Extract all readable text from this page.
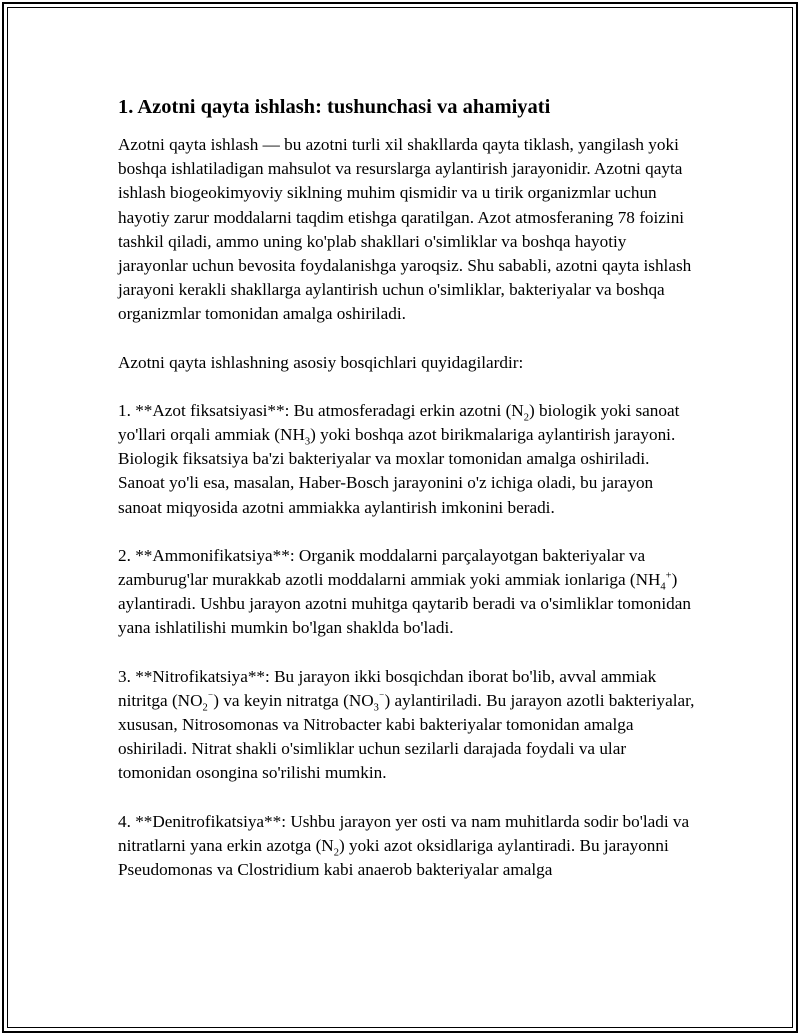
1. Azotni qayta ishlash: tushunchasi va ahamiyati

Azotni qayta ishlash — bu azotni turli xil shakllarda qayta tiklash, yangilash yoki boshqa ishlatiladigan mahsulot va resurslarga aylantirish jarayonidir. Azotni qayta ishlash biogeokimyoviy siklning muhim qismidir va u tirik organizmlar uchun hayotiy zarur moddalarni taqdim etishga qaratilgan. Azot atmosferaning 78 foizini tashkil qiladi, ammo uning ko'plab shakllari o'simliklar va boshqa hayotiy jarayonlar uchun bevosita foydalanishga yaroqsiz. Shu sababli, azotni qayta ishlash jarayoni kerakli shakllarga aylantirish uchun o'simliklar, bakteriyalar va boshqa organizmlar tomonidan amalga oshiriladi.

Azotni qayta ishlashning asosiy bosqichlari quyidagilardir:

1. **Azot fiksatsiyasi**: Bu atmosferadagi erkin azotni $(N_2)$ biologik yoki sanoat yo'llari orqali ammiak $(NH_3)$ yoki boshqa azot birikmalariga aylantirish jarayoni. Biologik fiksatsiya ba'zi bakteriyalar va moxlar tomonidan amalga oshiriladi. Sanoat yo'li esa, masalan, Haber-Bosch jarayonini o'z ichiga oladi, bu jarayon sanoat miqyosida azotni ammiakka aylantirish imkonini beradi.

2. **Ammonifikatsiya**: Organik moddalarni parçalayotgan bakteriyalar va zamburug'lar murakkab azotli moddalarni ammiak yoki ammiak ionlariga $(NH_4^+)$ aylantiradi. Ushbu jarayon azotni muhitga qaytarib beradi va o'simliklar tomonidan yana ishlatilishi mumkin bo'lgan shaklda bo'ladi.

3. **Nitrofikatsiya**: Bu jarayon ikki bosqichdan iborat bo'lib, avval ammiak nitritga $(NO_2^{^-})$ va keyin nitratga $(NO_3^{^-})$ aylantiriladi. Bu jarayon azotli bakteriyalar, xususan, Nitrosomonas va Nitrobacter kabi bakteriyalar tomonidan amalga oshiriladi. Nitrat shakli o'simliklar uchun sezilarli darajada foydali va ular tomonidan osongina so'rilishi mumkin.

4. **Denitrofikatsiya**: Ushbu jarayon yer osti va nam muhitlarda sodir bo'ladi va nitratlarni yana erkin azotga $(N_2)$ yoki azot oksidlariga aylantiradi. Bu jarayonni Pseudomonas va Clostridium kabi anaerob bakteriyalar amalga
